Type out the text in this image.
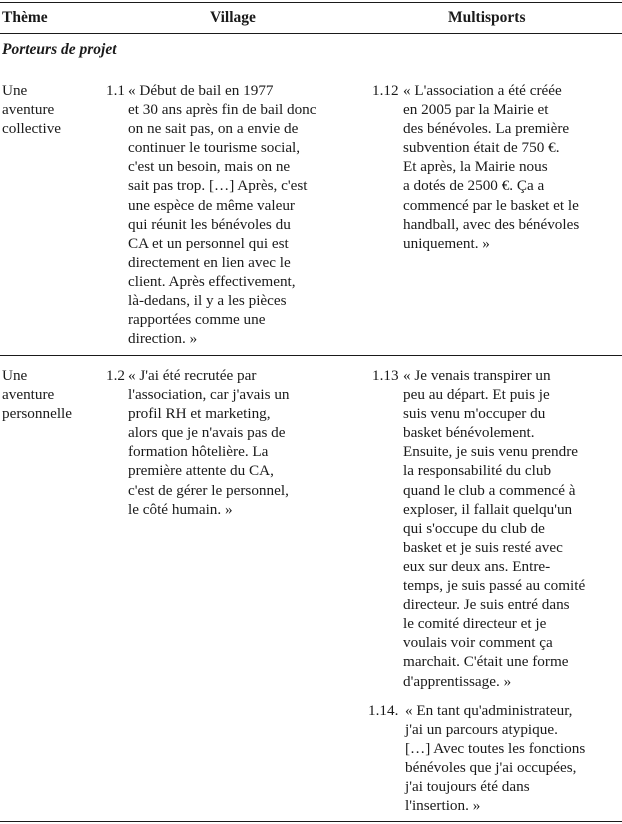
Thème	Village	Multisports
Porteurs de projet
Une
aventure
collective
1.1 « Début de bail en 1977
et 30 ans après fin de bail donc
on ne sait pas, on a envie de
continuer le tourisme social,
c'est un besoin, mais on ne
sait pas trop. […] Après, c'est
une espèce de même valeur
qui réunit les bénévoles du
CA et un personnel qui est
directement en lien avec le
client. Après effectivement,
là-dedans, il y a les pièces
rapportées comme une
direction. »
1.12 « L'association a été créée
en 2005 par la Mairie et
des bénévoles. La première
subvention était de 750 €.
Et après, la Mairie nous
a dotés de 2500 €. Ça a
commencé par le basket et le
handball, avec des bénévoles
uniquement. »
Une
aventure
personnelle
1.2 « J'ai été recrutée par
l'association, car j'avais un
profil RH et marketing,
alors que je n'avais pas de
formation hôtelière. La
première attente du CA,
c'est de gérer le personnel,
le côté humain. »
1.13 « Je venais transpirer un
peu au départ. Et puis je
suis venu m'occuper du
basket bénévolement.
Ensuite, je suis venu prendre
la responsabilité du club
quand le club a commencé à
exploser, il fallait quelqu'un
qui s'occupe du club de
basket et je suis resté avec
eux sur deux ans. Entre-
temps, je suis passé au comité
directeur. Je suis entré dans
le comité directeur et je
voulais voir comment ça
marchait. C'était une forme
d'apprentissage. »
1.14. « En tant qu'administrateur,
j'ai un parcours atypique.
[…] Avec toutes les fonctions
bénévoles que j'ai occupées,
j'ai toujours été dans
l'insertion. »
